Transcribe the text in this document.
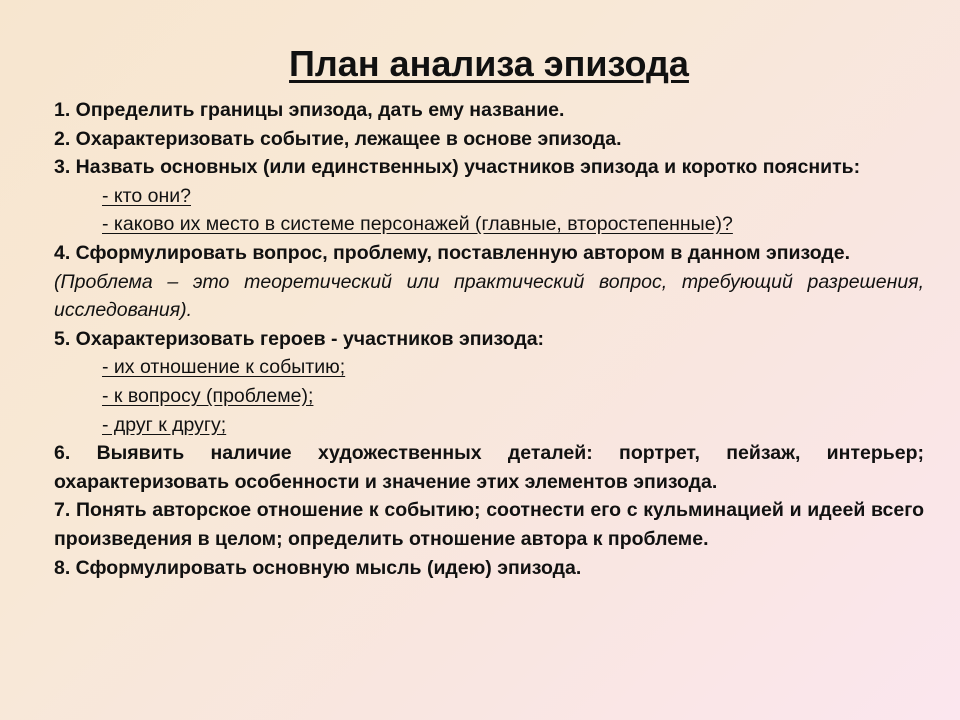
План анализа эпизода

1. Определить границы эпизода, дать ему название.

2. Охарактеризовать событие, лежащее в основе эпизода.

3. Назвать основных (или единственных) участников эпизода и коротко пояснить:

- кто они?

- каково их место в системе персонажей (главные, второстепенные)?

4. Сформулировать вопрос, проблему, поставленную автором в данном эпизоде.

(Проблема – это теоретический или практический вопрос, требующий разрешения, исследования).

5. Охарактеризовать героев - участников эпизода:

- их отношение к событию;

- к вопросу (проблеме);

- друг к другу;

6. Выявить наличие художественных деталей: портрет, пейзаж, интерьер; охарактеризовать особенности и значение этих элементов эпизода.

7. Понять авторское отношение к событию; соотнести его с кульминацией и идеей всего произведения в целом; определить отношение автора к проблеме.

8. Сформулировать основную мысль (идею) эпизода.
